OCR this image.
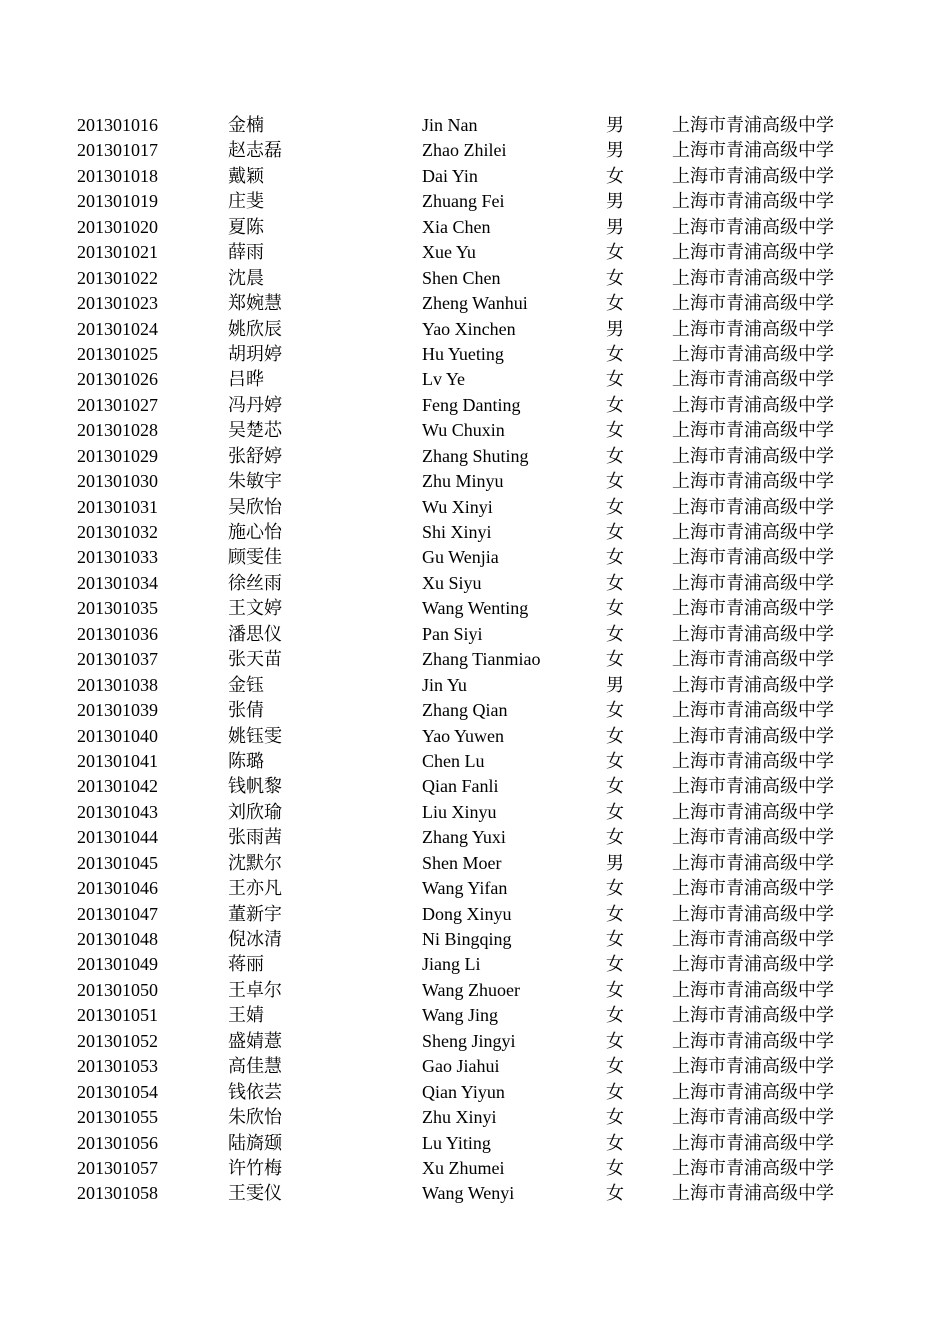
201301016	金楠	Jin Nan	男	上海市青浦高级中学
201301017	赵志磊	Zhao Zhilei	男	上海市青浦高级中学
201301018	戴颖	Dai Yin	女	上海市青浦高级中学
201301019	庄斐	Zhuang Fei	男	上海市青浦高级中学
201301020	夏陈	Xia Chen	男	上海市青浦高级中学
201301021	薛雨	Xue Yu	女	上海市青浦高级中学
201301022	沈晨	Shen Chen	女	上海市青浦高级中学
201301023	郑婉慧	Zheng Wanhui	女	上海市青浦高级中学
201301024	姚欣辰	Yao Xinchen	男	上海市青浦高级中学
201301025	胡玥婷	Hu Yueting	女	上海市青浦高级中学
201301026	吕晔	Lv Ye	女	上海市青浦高级中学
201301027	冯丹婷	Feng Danting	女	上海市青浦高级中学
201301028	吴楚芯	Wu Chuxin	女	上海市青浦高级中学
201301029	张舒婷	Zhang Shuting	女	上海市青浦高级中学
201301030	朱敏宇	Zhu Minyu	女	上海市青浦高级中学
201301031	吴欣怡	Wu Xinyi	女	上海市青浦高级中学
201301032	施心怡	Shi Xinyi	女	上海市青浦高级中学
201301033	顾雯佳	Gu Wenjia	女	上海市青浦高级中学
201301034	徐丝雨	Xu Siyu	女	上海市青浦高级中学
201301035	王文婷	Wang Wenting	女	上海市青浦高级中学
201301036	潘思仪	Pan Siyi	女	上海市青浦高级中学
201301037	张天苗	Zhang Tianmiao	女	上海市青浦高级中学
201301038	金钰	Jin Yu	男	上海市青浦高级中学
201301039	张倩	Zhang Qian	女	上海市青浦高级中学
201301040	姚钰雯	Yao Yuwen	女	上海市青浦高级中学
201301041	陈璐	Chen Lu	女	上海市青浦高级中学
201301042	钱帆黎	Qian Fanli	女	上海市青浦高级中学
201301043	刘欣瑜	Liu Xinyu	女	上海市青浦高级中学
201301044	张雨茜	Zhang Yuxi	女	上海市青浦高级中学
201301045	沈默尔	Shen Moer	男	上海市青浦高级中学
201301046	王亦凡	Wang Yifan	女	上海市青浦高级中学
201301047	董新宇	Dong Xinyu	女	上海市青浦高级中学
201301048	倪冰清	Ni Bingqing	女	上海市青浦高级中学
201301049	蒋丽	Jiang Li	女	上海市青浦高级中学
201301050	王卓尔	Wang Zhuoer	女	上海市青浦高级中学
201301051	王婧	Wang Jing	女	上海市青浦高级中学
201301052	盛婧薏	Sheng Jingyi	女	上海市青浦高级中学
201301053	高佳慧	Gao Jiahui	女	上海市青浦高级中学
201301054	钱依芸	Qian Yiyun	女	上海市青浦高级中学
201301055	朱欣怡	Zhu Xinyi	女	上海市青浦高级中学
201301056	陆旖颋	Lu Yiting	女	上海市青浦高级中学
201301057	许竹梅	Xu Zhumei	女	上海市青浦高级中学
201301058	王雯仪	Wang Wenyi	女	上海市青浦高级中学
